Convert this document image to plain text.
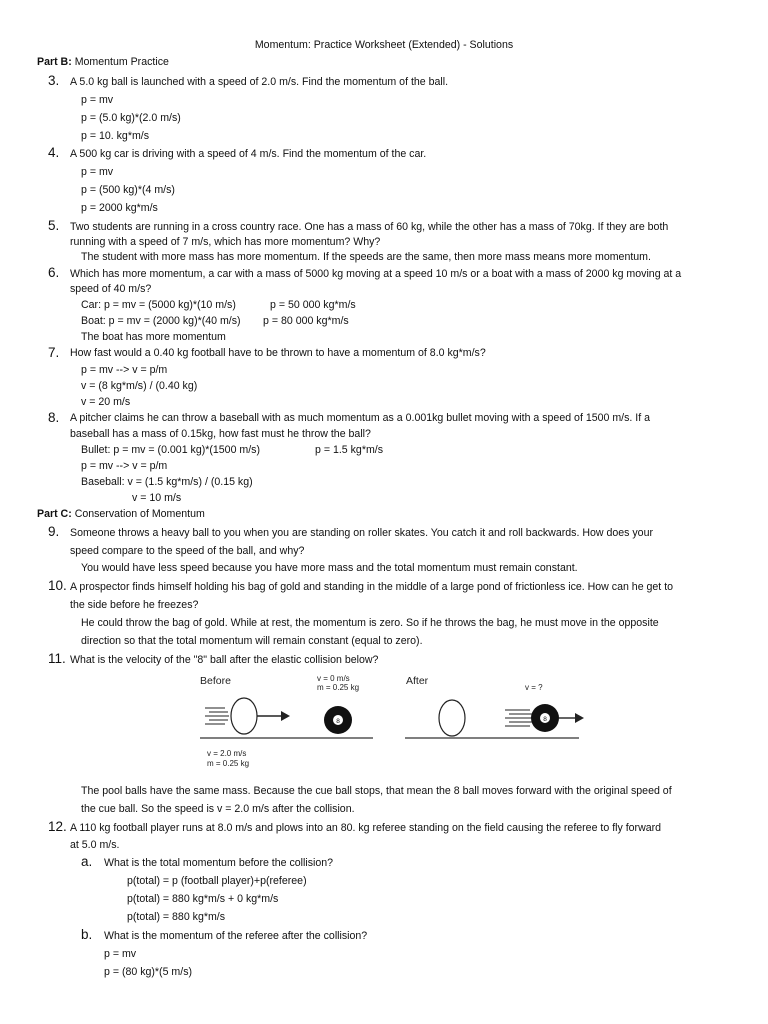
Momentum: Practice Worksheet (Extended) - Solutions
Part B: Momentum Practice
3. A 5.0 kg ball is launched with a speed of 2.0 m/s. Find the momentum of the ball.
p = mv
p = (5.0 kg)*(2.0 m/s)
p = 10. kg*m/s
4. A 500 kg car is driving with a speed of 4 m/s. Find the momentum of the car.
p = mv
p = (500 kg)*(4 m/s)
p = 2000 kg*m/s
5. Two students are running in a cross country race. One has a mass of 60 kg, while the other has a mass of 70kg. If they are both
running with a speed of 7 m/s, which has more momentum? Why?
The student with more mass has more momentum. If the speeds are the same, then more mass means more momentum.
6. Which has more momentum, a car with a mass of 5000 kg moving at a speed 10 m/s or a boat with a mass of 2000 kg moving at a
speed of 40 m/s?
Car: p = mv = (5000 kg)*(10 m/s)	p = 50 000 kg*m/s
Boat: p = mv = (2000 kg)*(40 m/s) p = 80 000 kg*m/s
The boat has more momentum
7. How fast would a 0.40 kg football have to be thrown to have a momentum of 8.0 kg*m/s?
p = mv --> v = p/m
v = (8 kg*m/s) / (0.40 kg)
v = 20 m/s
8. A pitcher claims he can throw a baseball with as much momentum as a 0.001kg bullet moving with a speed of 1500 m/s. If a
baseball has a mass of 0.15kg, how fast must he throw the ball?
Bullet: p = mv = (0.001 kg)*(1500 m/s)	p = 1.5 kg*m/s
p = mv --> v = p/m
Baseball: v = (1.5 kg*m/s) / (0.15 kg)
v = 10 m/s
Part C: Conservation of Momentum
9. Someone throws a heavy ball to you when you are standing on roller skates. You catch it and roll backwards. How does your
speed compare to the speed of the ball, and why?
You would have less speed because you have more mass and the total momentum must remain constant.
10. A prospector finds himself holding his bag of gold and standing in the middle of a large pond of frictionless ice. How can he get to
the side before he freezes?
He could throw the bag of gold. While at rest, the momentum is zero. So if he throws the bag, he must move in the opposite
direction so that the total momentum will remain constant (equal to zero).
11. What is the velocity of the "8" ball after the elastic collision below?
Before	After
v = 0 m/s
m = 0.25 kg	v = ?
8	8
v = 2.0 m/s
m = 0.25 kg
The pool balls have the same mass. Because the cue ball stops, that mean the 8 ball moves forward with the original speed of
the cue ball. So the speed is v = 2.0 m/s after the collision.
12. A 110 kg football player runs at 8.0 m/s and plows into an 80. kg referee standing on the field causing the referee to fly forward
at 5.0 m/s.
a. What is the total momentum before the collision?
p(total) = p (football player)+p(referee)
p(total) = 880 kg*m/s + 0 kg*m/s
p(total) = 880 kg*m/s
b. What is the momentum of the referee after the collision?
p = mv
p = (80 kg)*(5 m/s)
